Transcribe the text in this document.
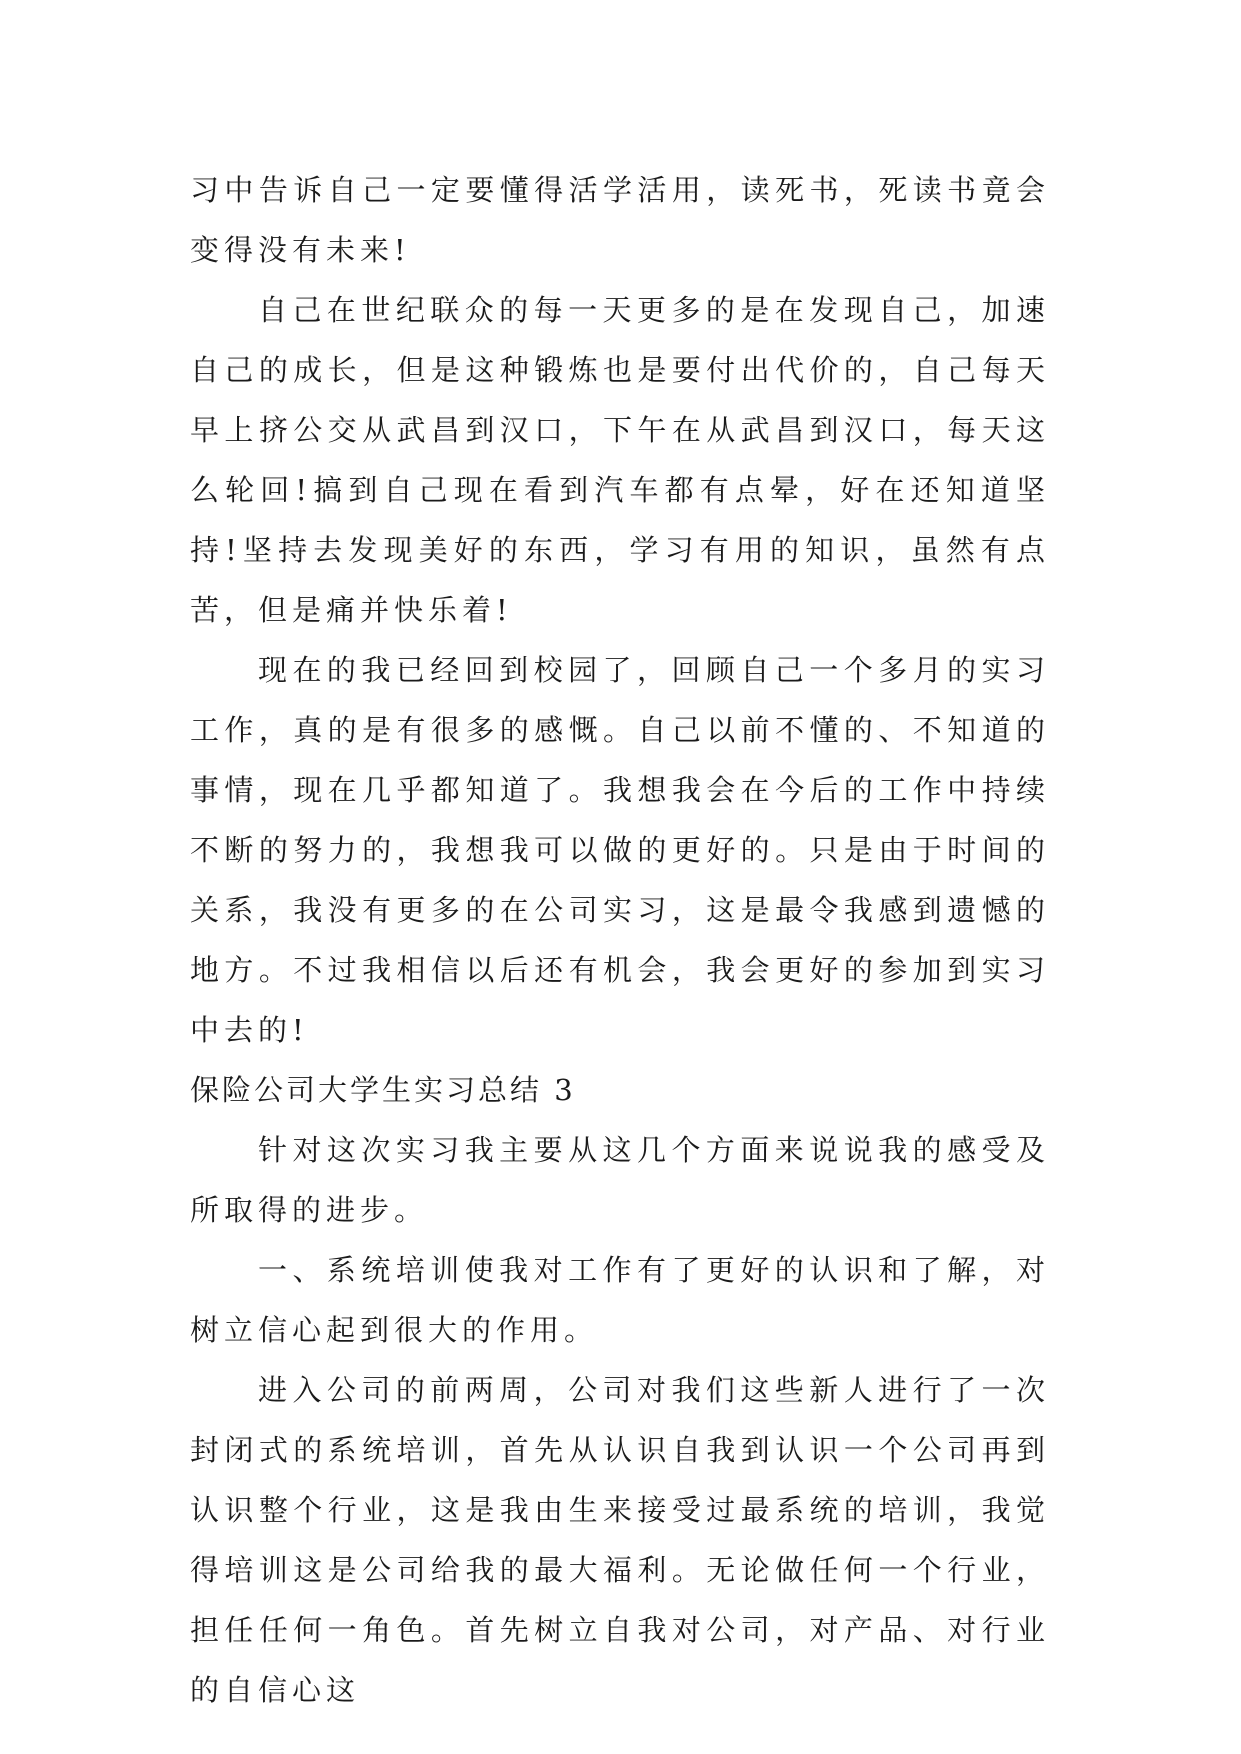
习中告诉自己一定要懂得活学活用，读死书，死读书竟会变得没有未来!

自己在世纪联众的每一天更多的是在发现自己，加速自己的成长，但是这种锻炼也是要付出代价的，自己每天早上挤公交从武昌到汉口，下午在从武昌到汉口，每天这么轮回!搞到自己现在看到汽车都有点晕，好在还知道坚持!坚持去发现美好的东西，学习有用的知识，虽然有点苦，但是痛并快乐着!

现在的我已经回到校园了，回顾自己一个多月的实习工作，真的是有很多的感慨。自己以前不懂的、不知道的事情，现在几乎都知道了。我想我会在今后的工作中持续不断的努力的，我想我可以做的更好的。只是由于时间的关系，我没有更多的在公司实习，这是最令我感到遗憾的地方。不过我相信以后还有机会，我会更好的参加到实习中去的!

保险公司大学生实习总结 3

针对这次实习我主要从这几个方面来说说我的感受及所取得的进步。

一、系统培训使我对工作有了更好的认识和了解，对树立信心起到很大的作用。

进入公司的前两周，公司对我们这些新人进行了一次封闭式的系统培训，首先从认识自我到认识一个公司再到认识整个行业，这是我由生来接受过最系统的培训，我觉得培训这是公司给我的最大福利。无论做任何一个行业，担任任何一角色。首先树立自我对公司，对产品、对行业的自信心这
